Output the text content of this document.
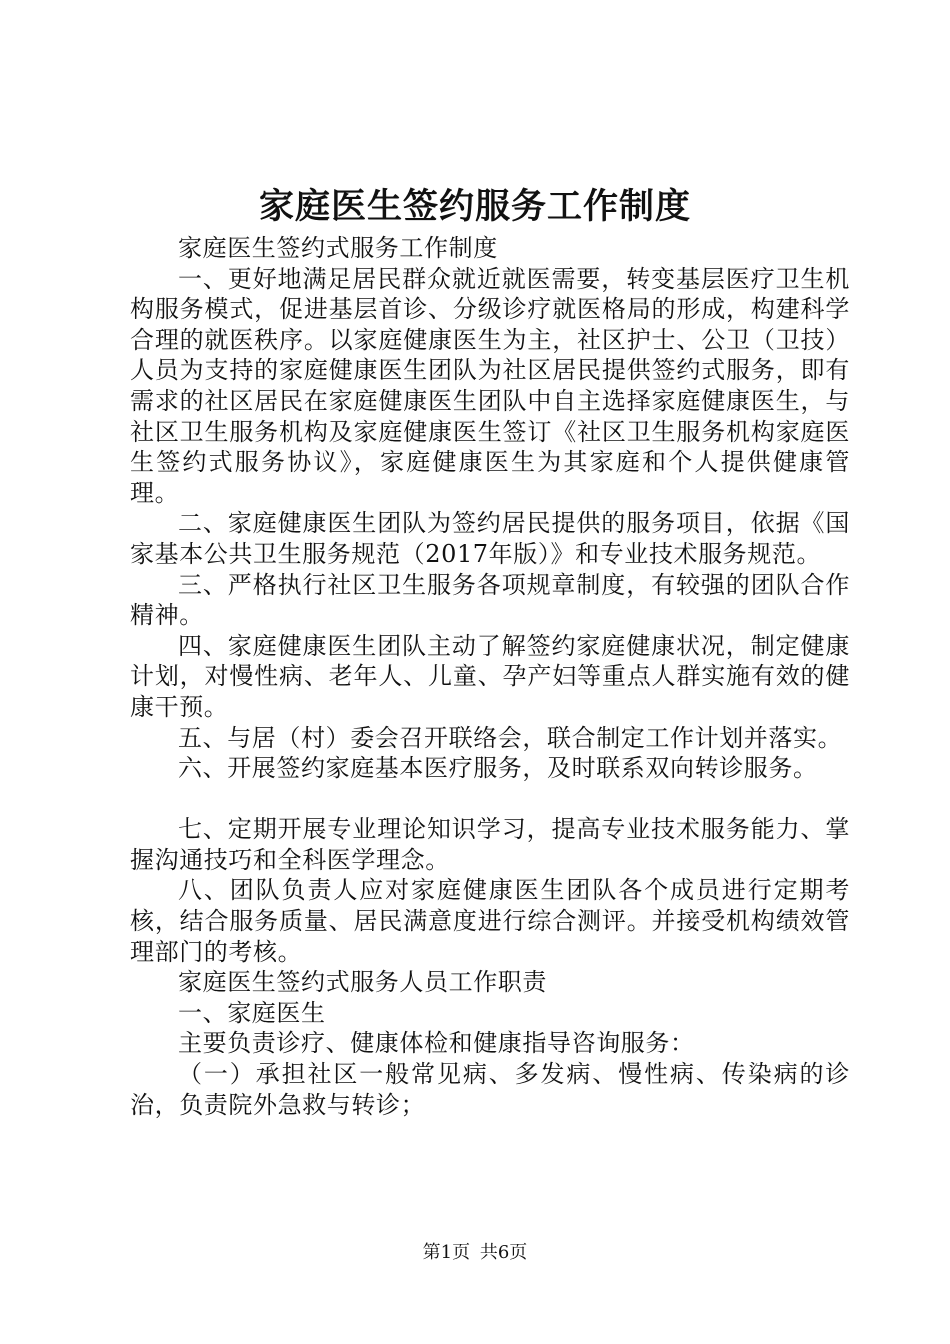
家庭医生签约服务工作制度

家庭医生签约式服务工作制度

一、更好地满足居民群众就近就医需要，转变基层医疗卫生机构服务模式，促进基层首诊、分级诊疗就医格局的形成，构建科学合理的就医秩序。以家庭健康医生为主，社区护士、公卫（卫技）人员为支持的家庭健康医生团队为社区居民提供签约式服务，即有需求的社区居民在家庭健康医生团队中自主选择家庭健康医生，与社区卫生服务机构及家庭健康医生签订《社区卫生服务机构家庭医生签约式服务协议》，家庭健康医生为其家庭和个人提供健康管理。

二、家庭健康医生团队为签约居民提供的服务项目，依据《国家基本公共卫生服务规范（2017年版）》和专业技术服务规范。

三、严格执行社区卫生服务各项规章制度，有较强的团队合作精神。

四、家庭健康医生团队主动了解签约家庭健康状况，制定健康计划，对慢性病、老年人、儿童、孕产妇等重点人群实施有效的健康干预。

五、与居（村）委会召开联络会，联合制定工作计划并落实。

六、开展签约家庭基本医疗服务，及时联系双向转诊服务。

七、定期开展专业理论知识学习，提高专业技术服务能力、掌握沟通技巧和全科医学理念。

八、团队负责人应对家庭健康医生团队各个成员进行定期考核，结合服务质量、居民满意度进行综合测评。并接受机构绩效管理部门的考核。

家庭医生签约式服务人员工作职责

一、家庭医生

主要负责诊疗、健康体检和健康指导咨询服务：

（一）承担社区一般常见病、多发病、慢性病、传染病的诊治，负责院外急救与转诊；

第1页 共6页
